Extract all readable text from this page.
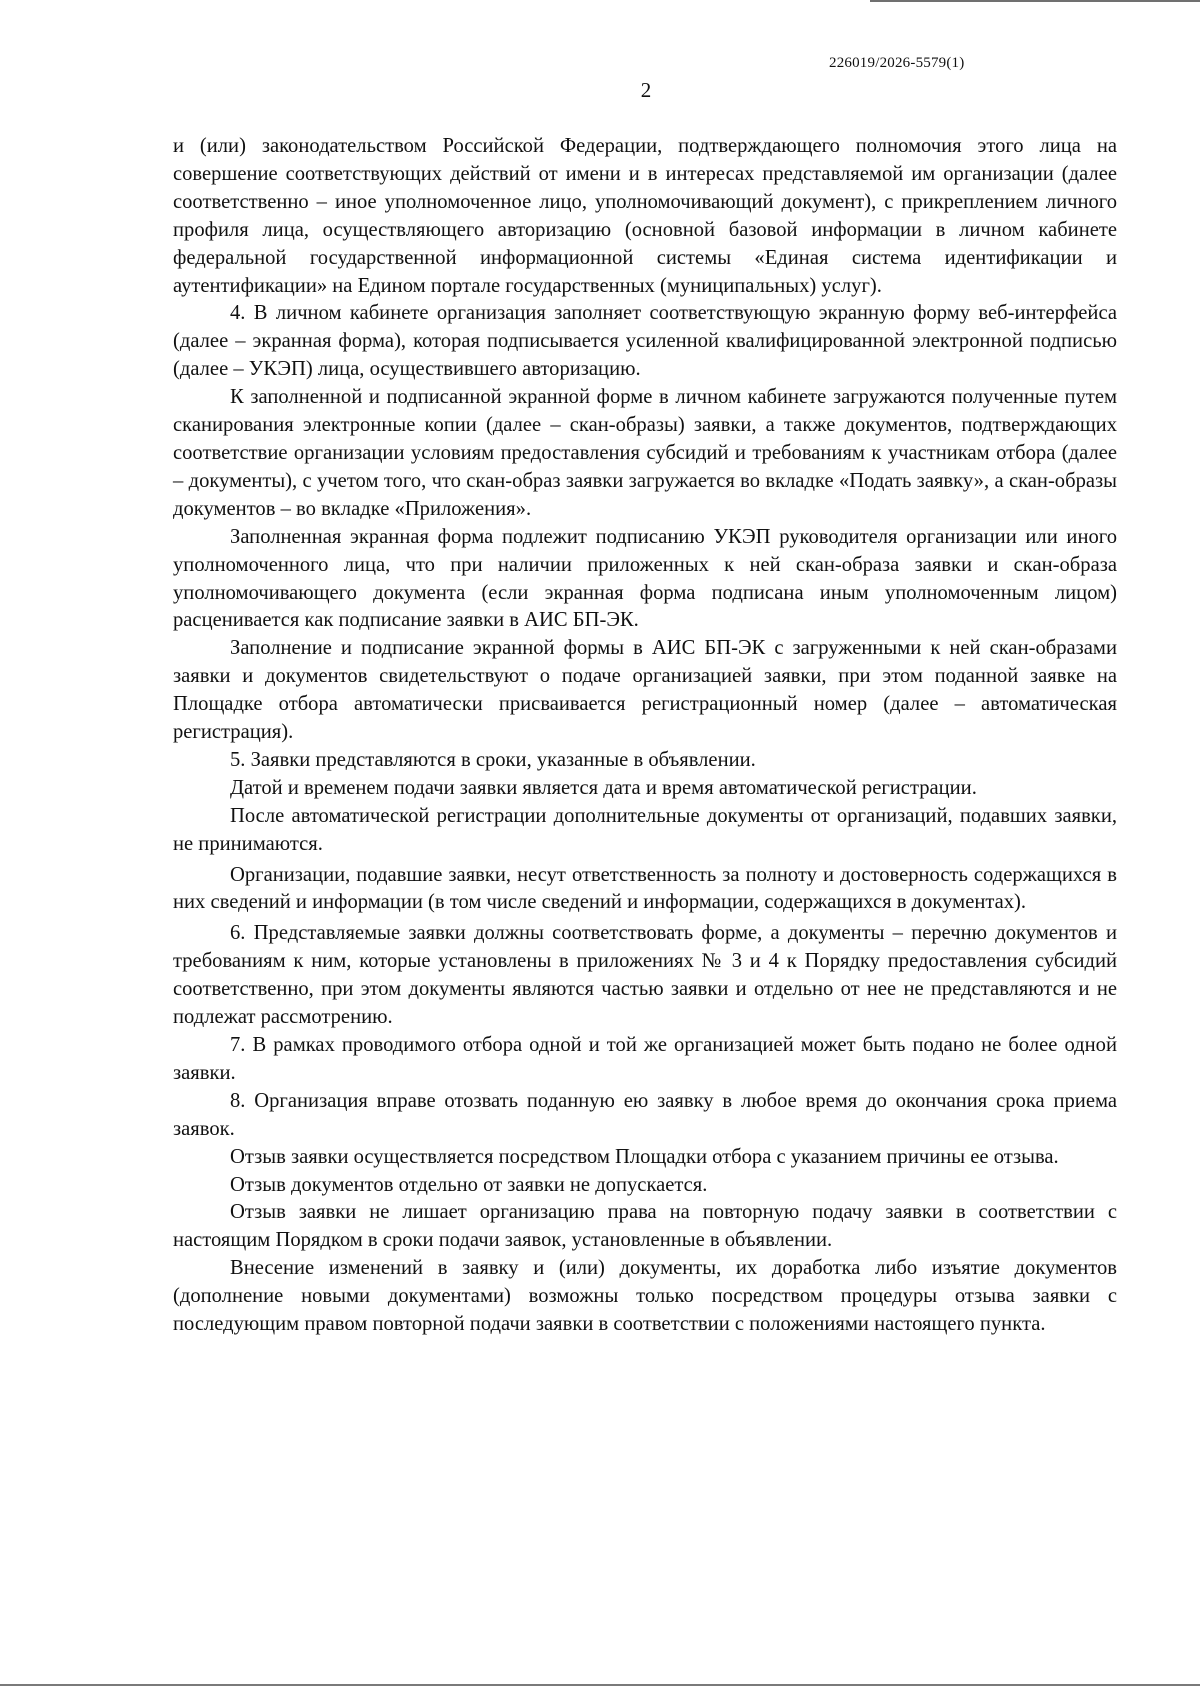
226019/2026-5579(1)
2

и (или) законодательством Российской Федерации, подтверждающего полномочия этого лица на совершение соответствующих действий от имени и в интересах представляемой им организации (далее соответственно – иное уполномоченное лицо, уполномочивающий документ), с прикреплением личного профиля лица, осуществляющего авторизацию (основной базовой информации в личном кабинете федеральной государственной информационной системы «Единая система идентификации и аутентификации» на Едином портале государственных (муниципальных) услуг).

4. В личном кабинете организация заполняет соответствующую экранную форму веб-интерфейса (далее – экранная форма), которая подписывается усиленной квалифицированной электронной подписью (далее – УКЭП) лица, осуществившего авторизацию.

К заполненной и подписанной экранной форме в личном кабинете загружаются полученные путем сканирования электронные копии (далее – скан-образы) заявки, а также документов, подтверждающих соответствие организации условиям предоставления субсидий и требованиям к участникам отбора (далее – документы), с учетом того, что скан-образ заявки загружается во вкладке «Подать заявку», а скан-образы документов – во вкладке «Приложения».

Заполненная экранная форма подлежит подписанию УКЭП руководителя организации или иного уполномоченного лица, что при наличии приложенных к ней скан-образа заявки и скан-образа уполномочивающего документа (если экранная форма подписана иным уполномоченным лицом) расценивается как подписание заявки в АИС БП-ЭК.

Заполнение и подписание экранной формы в АИС БП-ЭК с загруженными к ней скан-образами заявки и документов свидетельствуют о подаче организацией заявки, при этом поданной заявке на Площадке отбора автоматически присваивается регистрационный номер (далее – автоматическая регистрация).

5. Заявки представляются в сроки, указанные в объявлении.

Датой и временем подачи заявки является дата и время автоматической регистрации.

После автоматической регистрации дополнительные документы от организаций, подавших заявки, не принимаются.

Организации, подавшие заявки, несут ответственность за полноту и достоверность содержащихся в них сведений и информации (в том числе сведений и информации, содержащихся в документах).

6. Представляемые заявки должны соответствовать форме, а документы – перечню документов и требованиям к ним, которые установлены в приложениях № 3 и 4 к Порядку предоставления субсидий соответственно, при этом документы являются частью заявки и отдельно от нее не представляются и не подлежат рассмотрению.

7. В рамках проводимого отбора одной и той же организацией может быть подано не более одной заявки.

8. Организация вправе отозвать поданную ею заявку в любое время до окончания срока приема заявок.

Отзыв заявки осуществляется посредством Площадки отбора с указанием причины ее отзыва.

Отзыв документов отдельно от заявки не допускается.

Отзыв заявки не лишает организацию права на повторную подачу заявки в соответствии с настоящим Порядком в сроки подачи заявок, установленные в объявлении.

Внесение изменений в заявку и (или) документы, их доработка либо изъятие документов (дополнение новыми документами) возможны только посредством процедуры отзыва заявки с последующим правом повторной подачи заявки в соответствии с положениями настоящего пункта.
